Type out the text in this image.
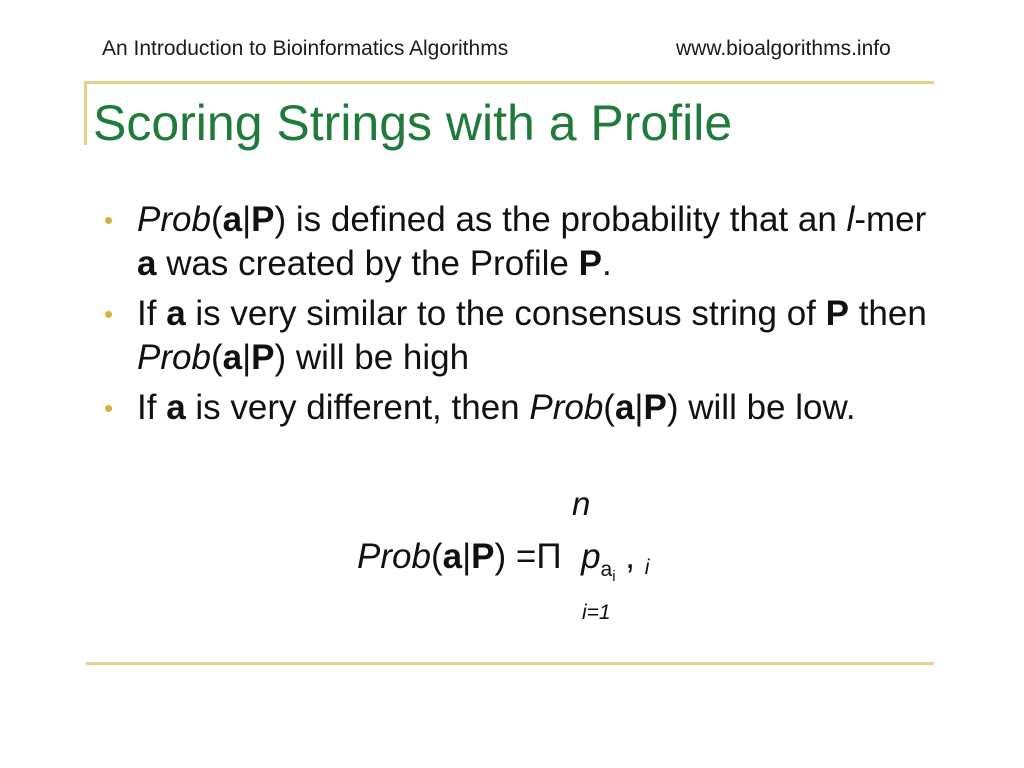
An Introduction to Bioinformatics Algorithms	www.bioalgorithms.info
Scoring Strings with a Profile
• Prob(a|P) is defined as the probability that an l-mer a was created by the Profile P.
• If a is very similar to the consensus string of P then Prob(a|P) will be high
• If a is very different, then Prob(a|P) will be low.
n
Prob(a|P) =Π $p_{a_i}$ , i
i=1
